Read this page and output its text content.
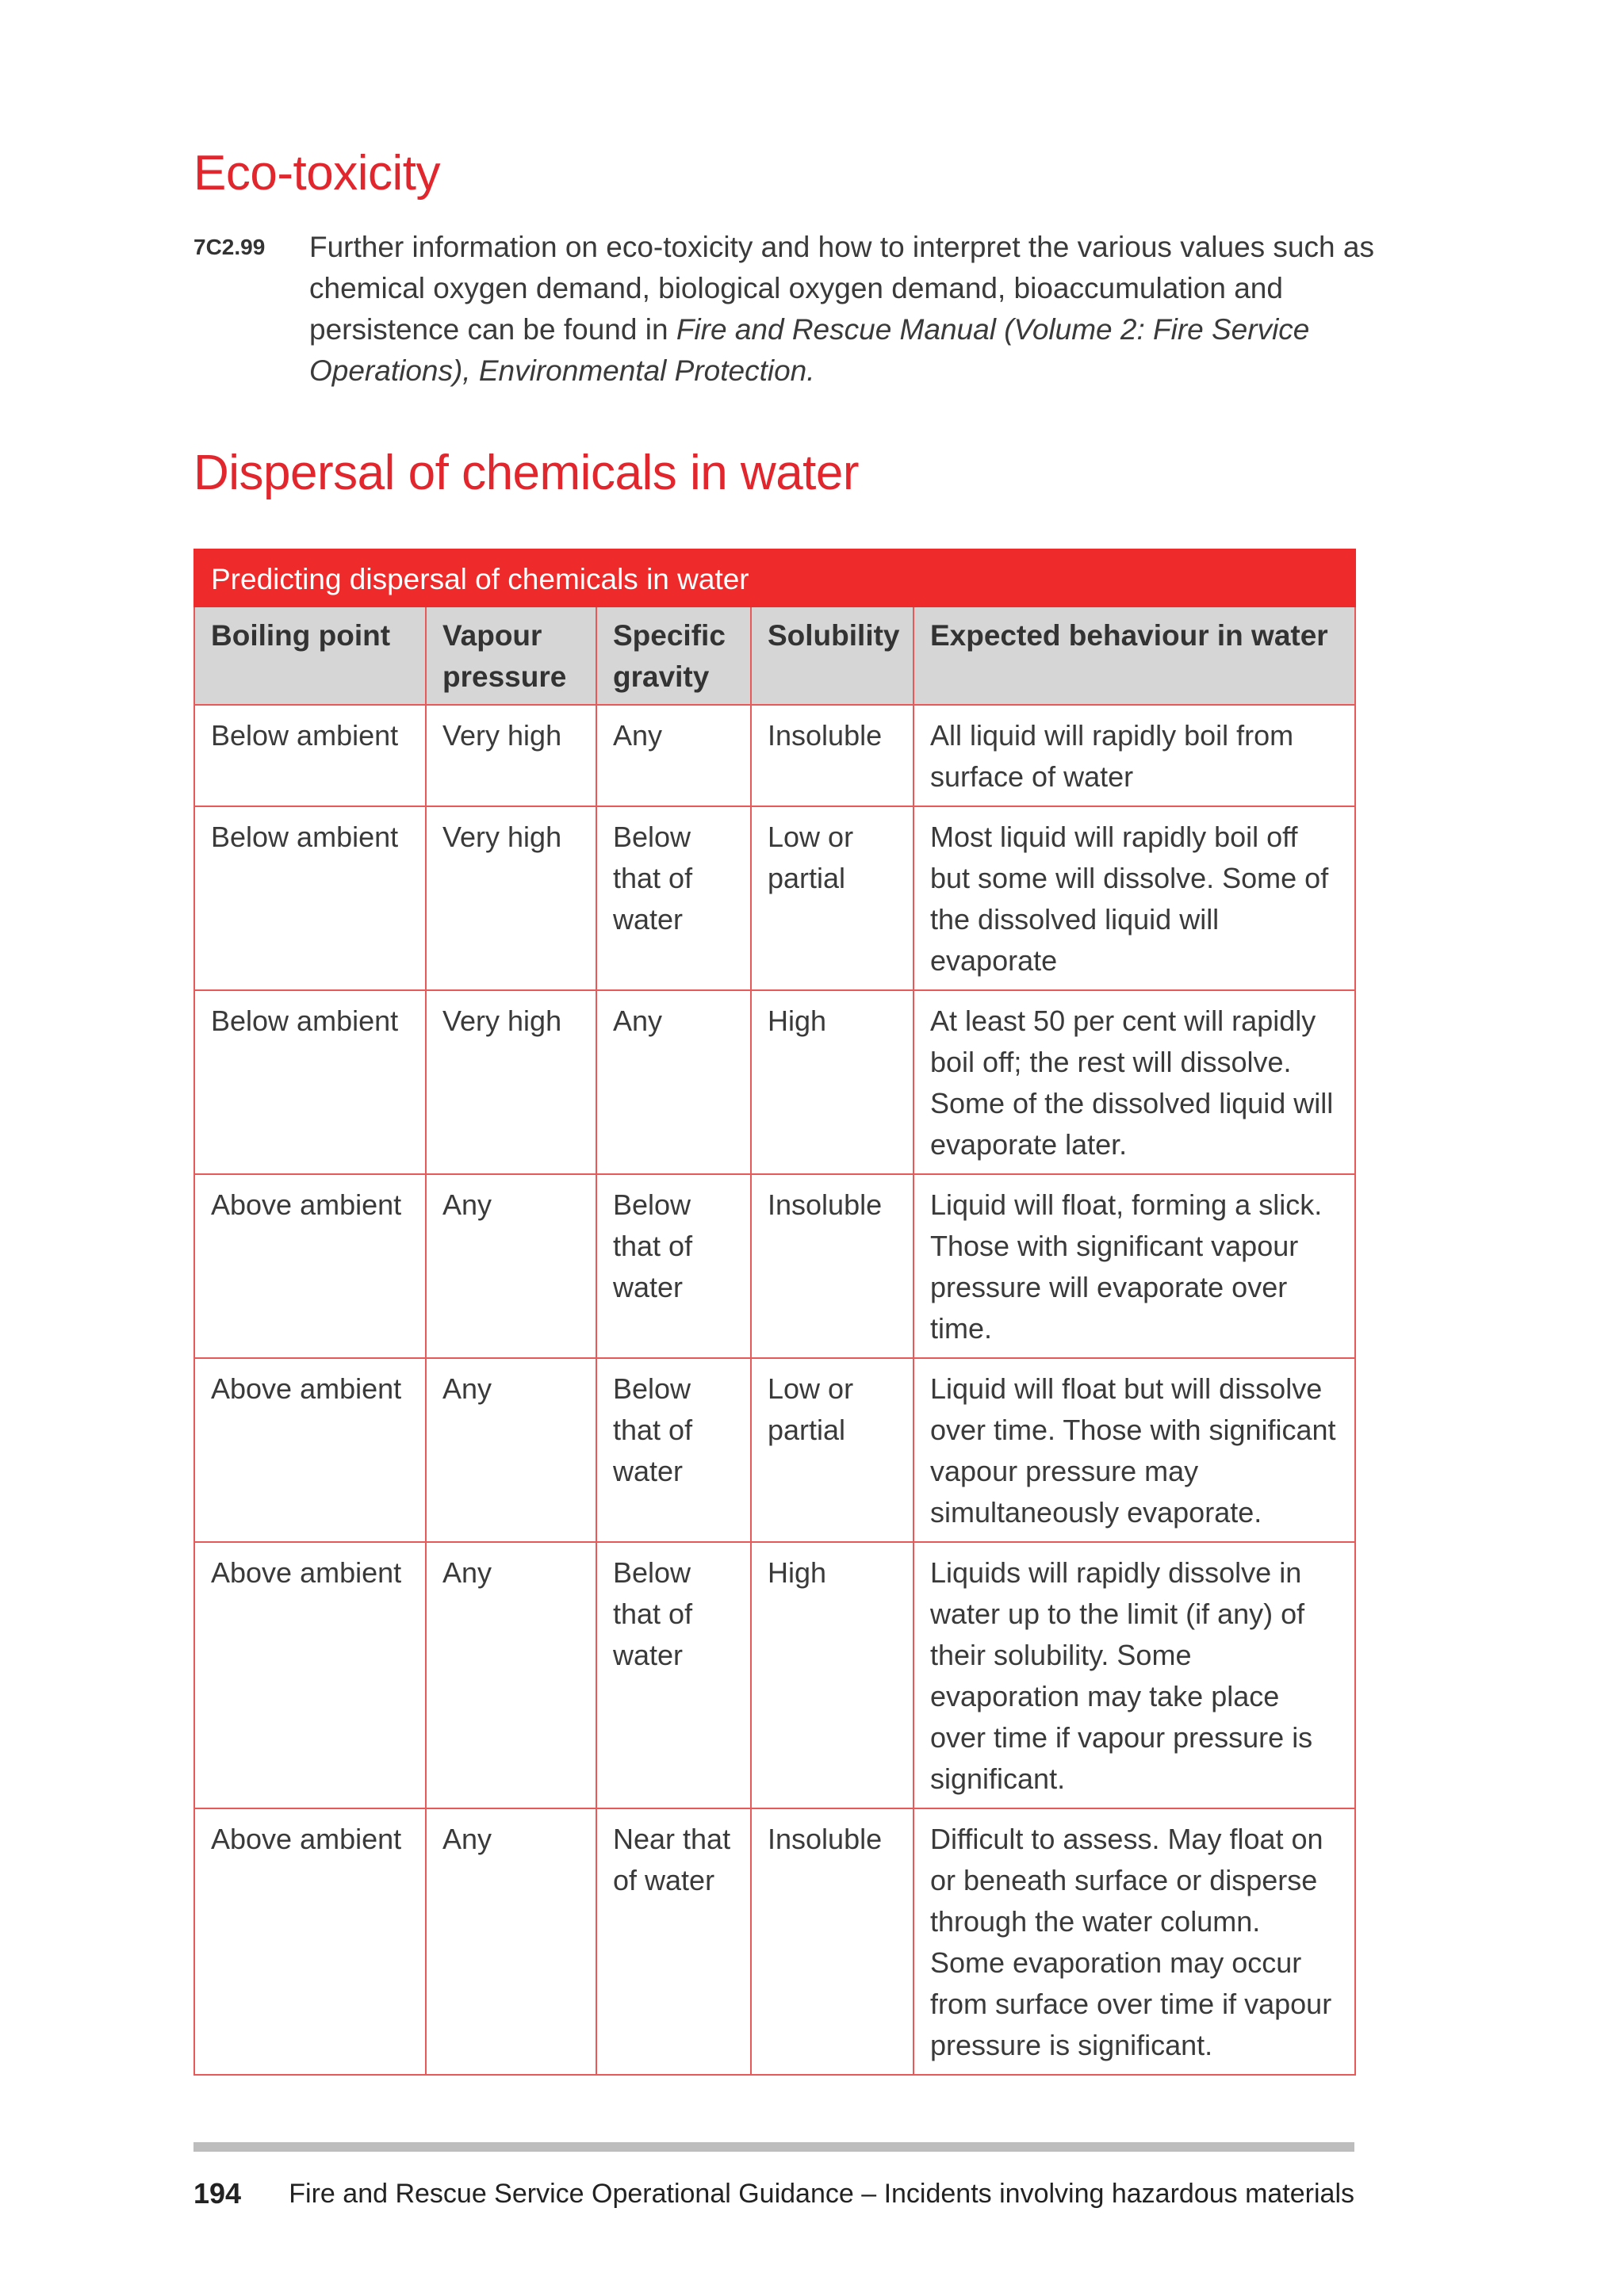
Eco-toxicity
7C2.99 Further information on eco-toxicity and how to interpret the various values such as chemical oxygen demand, biological oxygen demand, bioaccumulation and persistence can be found in Fire and Rescue Manual (Volume 2: Fire Service Operations), Environmental Protection.
Dispersal of chemicals in water
Predicting dispersal of chemicals in water				
Boiling point	Vapour pressure	Specific gravity	Solubility	Expected behaviour in water
Below ambient	Very high	Any	Insoluble	All liquid will rapidly boil from surface of water
Below ambient	Very high	Below that of water	Low or partial	Most liquid will rapidly boil off but some will dissolve. Some of the dissolved liquid will evaporate
Below ambient	Very high	Any	High	At least 50 per cent will rapidly boil off; the rest will dissolve. Some of the dissolved liquid will evaporate later.
Above ambient	Any	Below that of water	Insoluble	Liquid will float, forming a slick. Those with significant vapour pressure will evaporate over time.
Above ambient	Any	Below that of water	Low or partial	Liquid will float but will dissolve over time. Those with significant vapour pressure may simultaneously evaporate.
Above ambient	Any	Below that of water	High	Liquids will rapidly dissolve in water up to the limit (if any) of their solubility. Some evaporation may take place over time if vapour pressure is significant.
Above ambient	Any	Near that of water	Insoluble	Difficult to assess. May float on or beneath surface or disperse through the water column. Some evaporation may occur from surface over time if vapour pressure is significant.
194 Fire and Rescue Service Operational Guidance – Incidents involving hazardous materials
